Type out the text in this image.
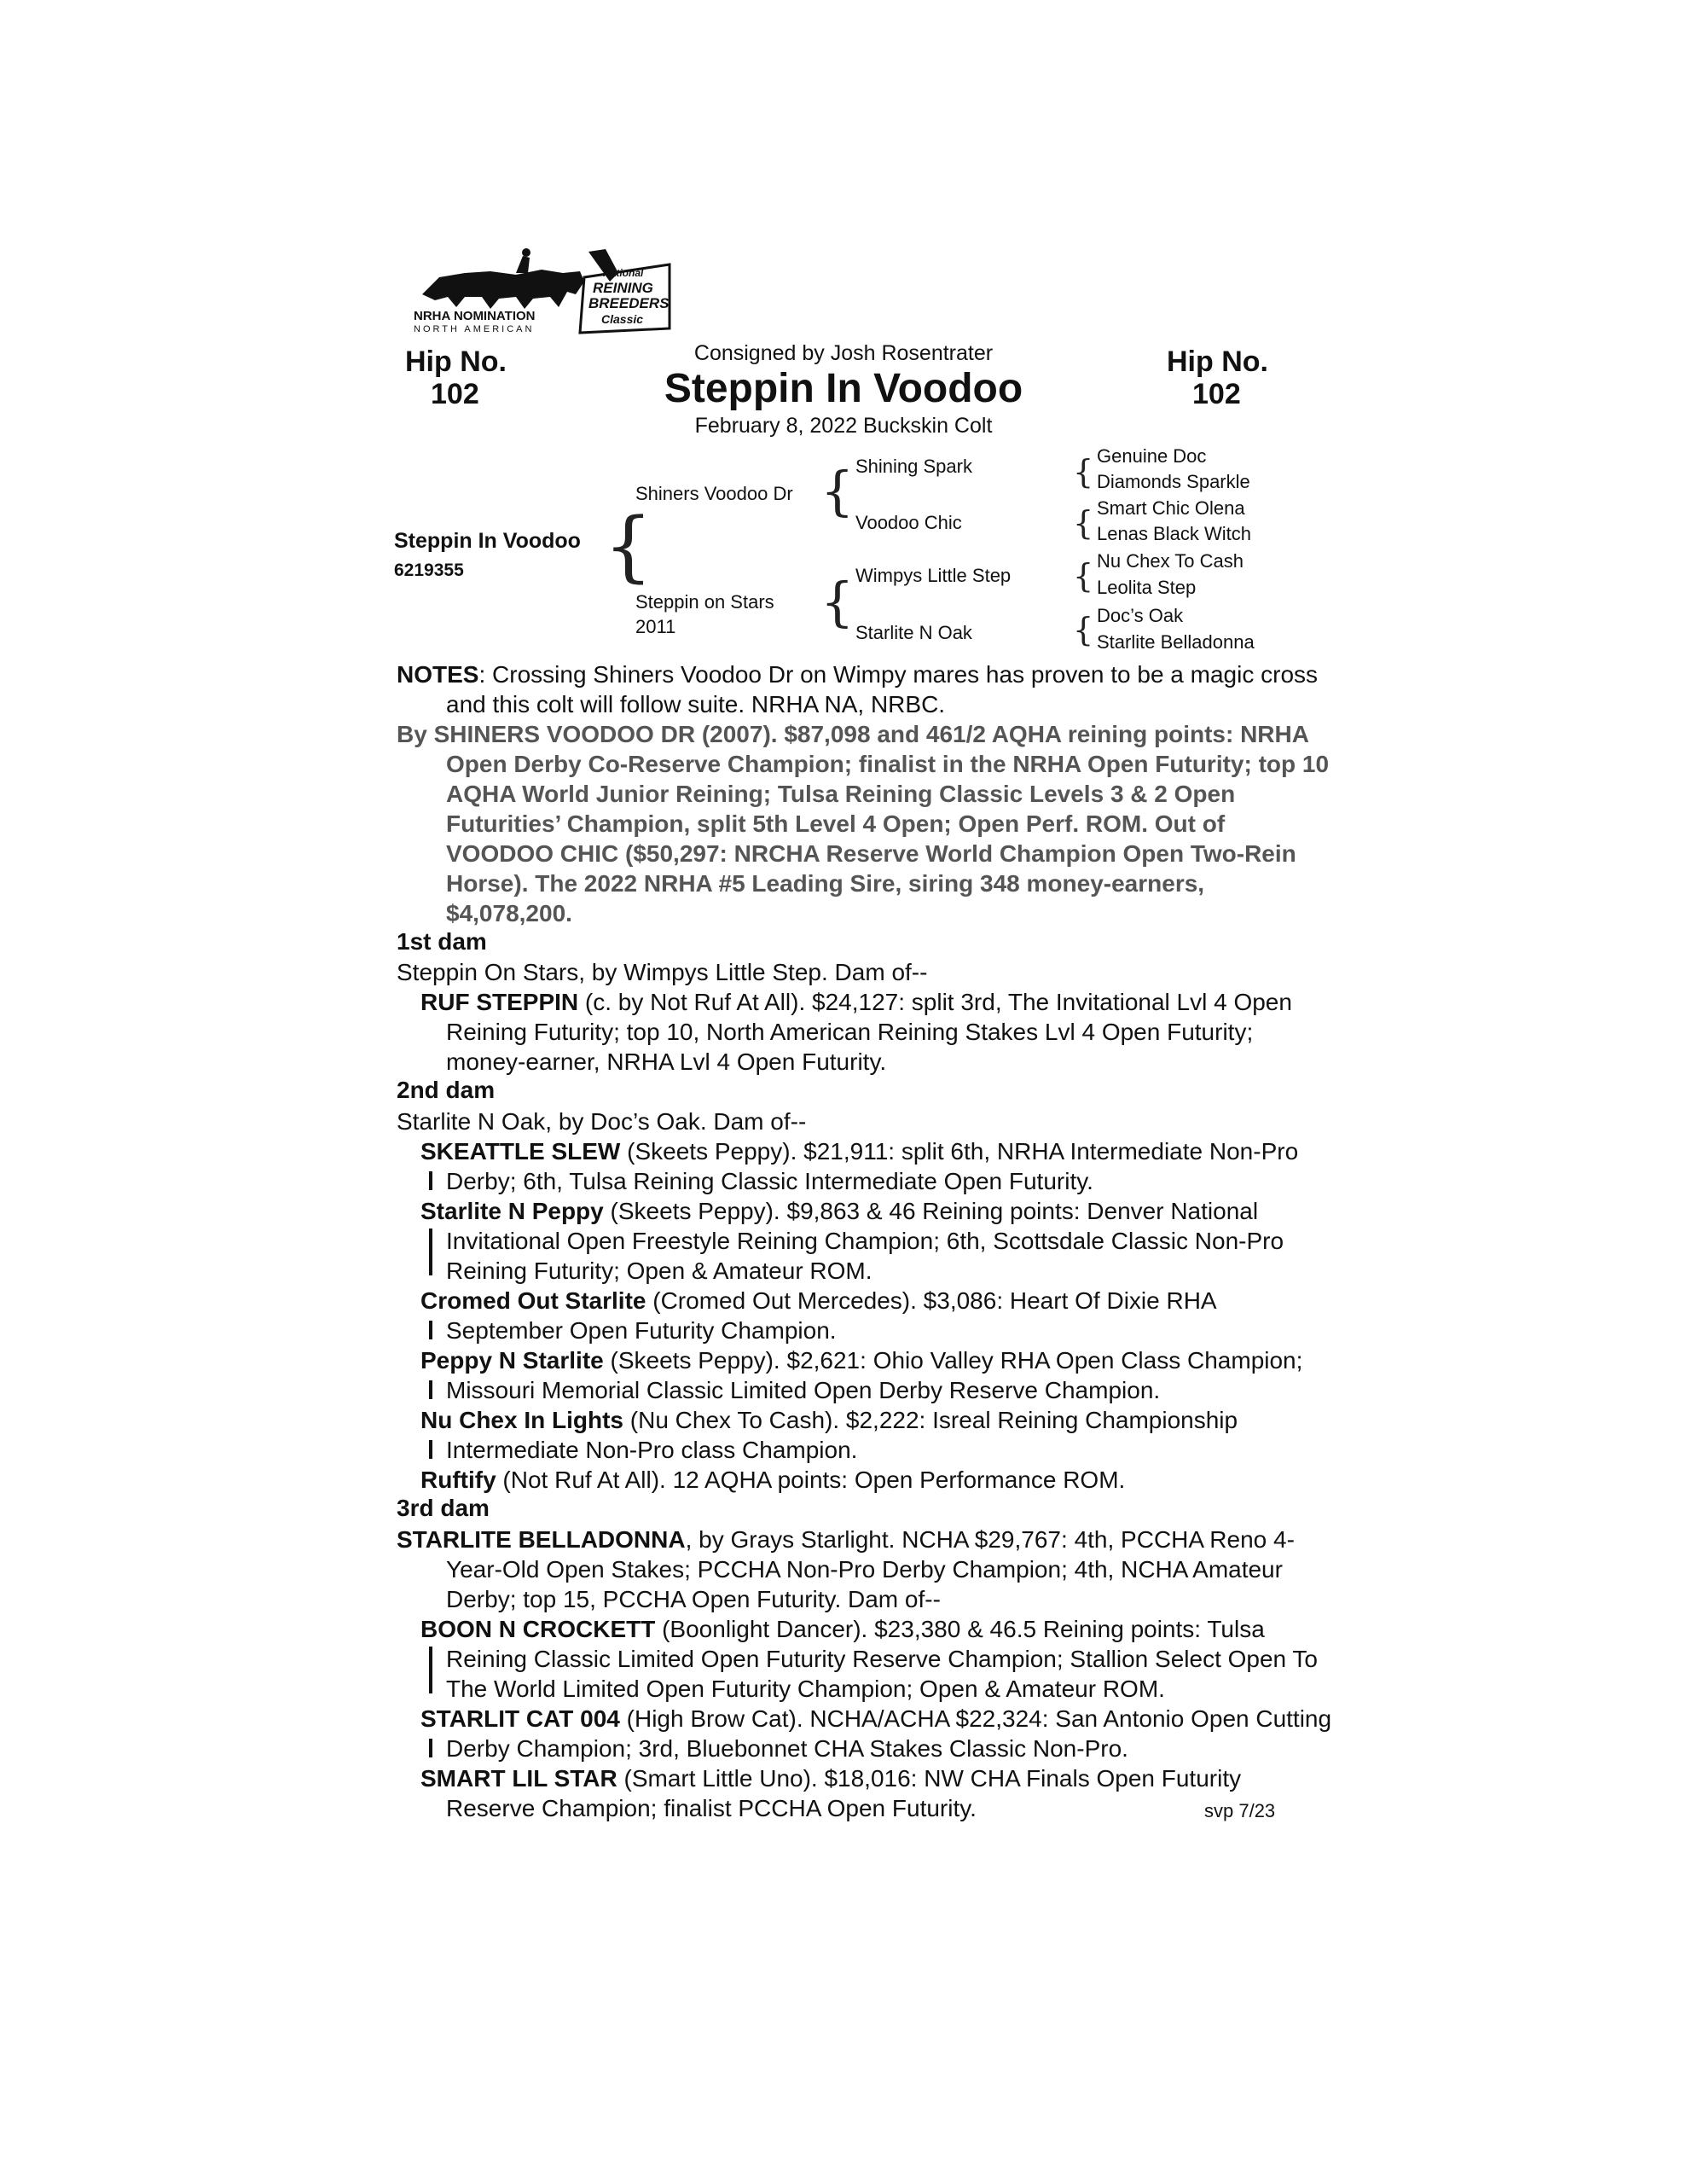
NRHA NOMINATION
NORTH AMERICAN
National
REINING
BREEDERS
Classic
Hip No.
102
Hip No.
102
Consigned by Josh Rosentrater
Steppin In Voodoo
February 8, 2022 Buckskin Colt
Steppin In Voodoo
6219355 {
Shiners Voodoo Dr
Steppin on Stars
2011
{
{
Shining Spark
Voodoo Chic
Wimpys Little Step
Starlite N Oak
{
{
{
{
Genuine Doc
Diamonds Sparkle
Smart Chic Olena
Lenas Black Witch
Nu Chex To Cash
Leolita Step
Doc’s Oak
Starlite Belladonna
NOTES: Crossing Shiners Voodoo Dr on Wimpy mares has proven to be a magic cross and this colt will follow suite. NRHA NA, NRBC.
By SHINERS VOODOO DR (2007). $87,098 and 461/2 AQHA reining points: NRHA Open Derby Co-Reserve Champion; finalist in the NRHA Open Futurity; top 10 AQHA World Junior Reining; Tulsa Reining Classic Levels 3 & 2 Open Futurities’ Champion, split 5th Level 4 Open; Open Perf. ROM. Out of VOODOO CHIC ($50,297: NRCHA Reserve World Champion Open Two-Rein Horse). The 2022 NRHA #5 Leading Sire, siring 348 money-earners, $4,078,200.
1st dam
Steppin On Stars, by Wimpys Little Step. Dam of--
RUF STEPPIN (c. by Not Ruf At All). $24,127: split 3rd, The Invitational Lvl 4 Open Reining Futurity; top 10, North American Reining Stakes Lvl 4 Open Futurity; money-earner, NRHA Lvl 4 Open Futurity.
2nd dam
Starlite N Oak, by Doc’s Oak. Dam of--
SKEATTLE SLEW (Skeets Peppy). $21,911: split 6th, NRHA Intermediate Non-Pro Derby; 6th, Tulsa Reining Classic Intermediate Open Futurity.
Starlite N Peppy (Skeets Peppy). $9,863 & 46 Reining points: Denver National Invitational Open Freestyle Reining Champion; 6th, Scottsdale Classic Non-Pro Reining Futurity; Open & Amateur ROM.
Cromed Out Starlite (Cromed Out Mercedes). $3,086: Heart Of Dixie RHA September Open Futurity Champion.
Peppy N Starlite (Skeets Peppy). $2,621: Ohio Valley RHA Open Class Champion; Missouri Memorial Classic Limited Open Derby Reserve Champion.
Nu Chex In Lights (Nu Chex To Cash). $2,222: Isreal Reining Championship Intermediate Non-Pro class Champion.
Ruftify (Not Ruf At All). 12 AQHA points: Open Performance ROM.
3rd dam
STARLITE BELLADONNA, by Grays Starlight. NCHA $29,767: 4th, PCCHA Reno 4-Year-Old Open Stakes; PCCHA Non-Pro Derby Champion; 4th, NCHA Amateur Derby; top 15, PCCHA Open Futurity. Dam of--
BOON N CROCKETT (Boonlight Dancer). $23,380 & 46.5 Reining points: Tulsa Reining Classic Limited Open Futurity Reserve Champion; Stallion Select Open To The World Limited Open Futurity Champion; Open & Amateur ROM.
STARLIT CAT 004 (High Brow Cat). NCHA/ACHA $22,324: San Antonio Open Cutting Derby Champion; 3rd, Bluebonnet CHA Stakes Classic Non-Pro.
SMART LIL STAR (Smart Little Uno). $18,016: NW CHA Finals Open Futurity Reserve Champion; finalist PCCHA Open Futurity.	svp 7/23
